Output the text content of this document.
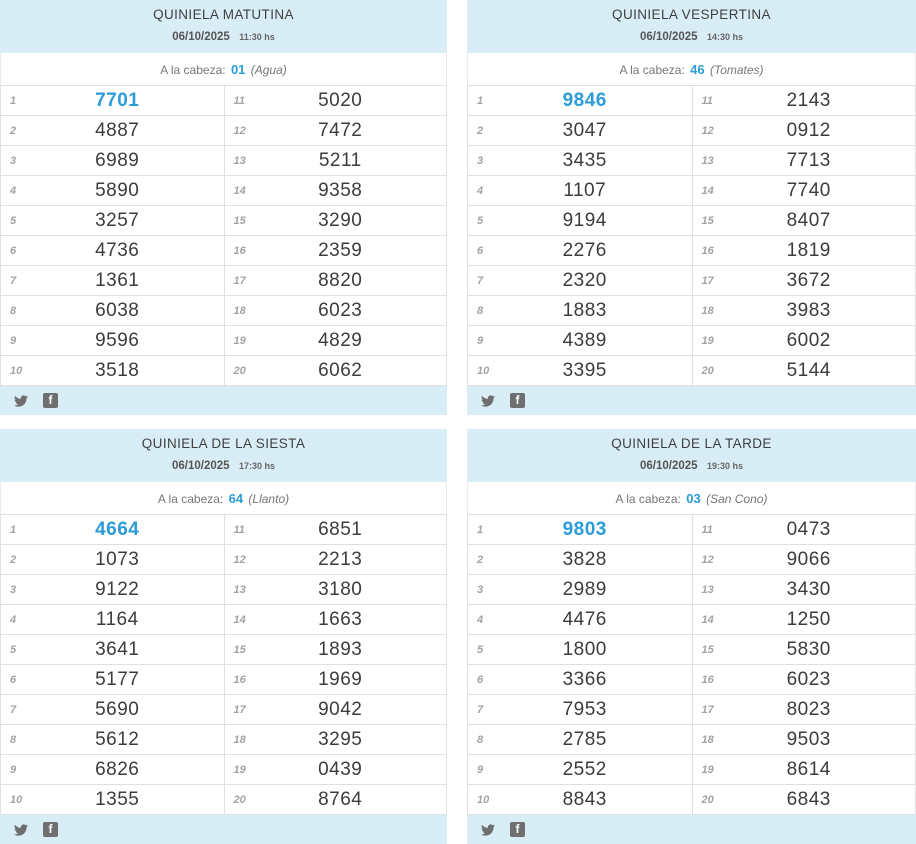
QUINIELA MATUTINA
06/10/2025 11:30 hs
A la cabeza: 01 (Agua)
1	7701
2	4887
3	6989
4	5890
5	3257
6	4736
7	1361
8	6038
9	9596
10	3518
11	5020
12	7472
13	5211
14	9358
15	3290
16	2359
17	8820
18	6023
19	4829
20	6062
f
QUINIELA VESPERTINA
06/10/2025 14:30 hs
A la cabeza: 46 (Tomates)
1	9846
2	3047
3	3435
4	1107
5	9194
6	2276
7	2320
8	1883
9	4389
10	3395
11	2143
12	0912
13	7713
14	7740
15	8407
16	1819
17	3672
18	3983
19	6002
20	5144
f
QUINIELA DE LA SIESTA
06/10/2025 17:30 hs
A la cabeza: 64 (Llanto)
1	4664
2	1073
3	9122
4	1164
5	3641
6	5177
7	5690
8	5612
9	6826
10	1355
11	6851
12	2213
13	3180
14	1663
15	1893
16	1969
17	9042
18	3295
19	0439
20	8764
f
QUINIELA DE LA TARDE
06/10/2025 19:30 hs
A la cabeza: 03 (San Cono)
1	9803
2	3828
3	2989
4	4476
5	1800
6	3366
7	7953
8	2785
9	2552
10	8843
11	0473
12	9066
13	3430
14	1250
15	5830
16	6023
17	8023
18	9503
19	8614
20	6843
f
